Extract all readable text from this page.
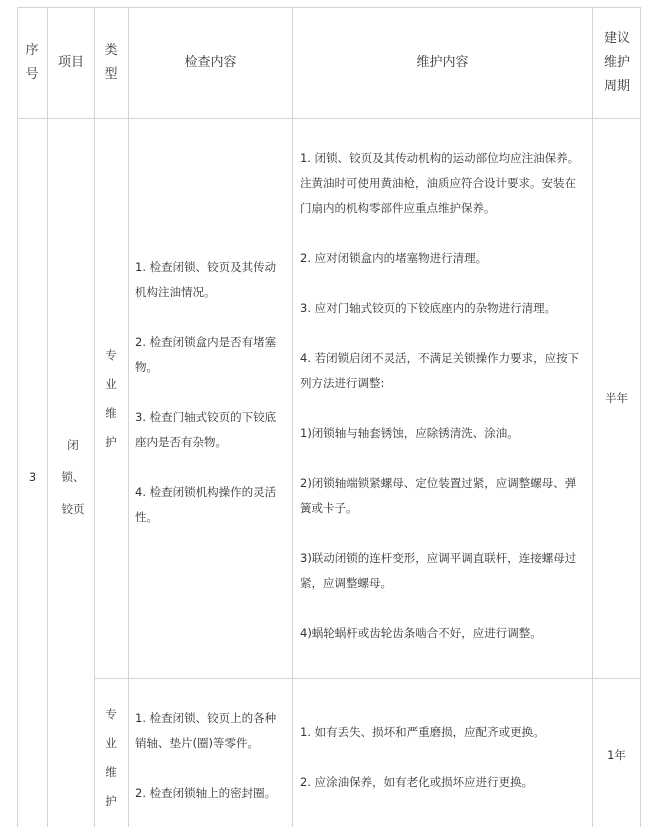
序号
项目
类型
检查内容	维护内容
建议维护周期
3
闭锁、铰页
专业维护

1. 检查闭锁、铰页及其传动机构注油情况。

2. 检查闭锁盒内是否有堵塞物。

3. 检查门轴式铰页的下铰底座内是否有杂物。

4. 检查闭锁机构操作的灵活性。

1. 闭锁、铰页及其传动机构的运动部位均应注油保养。注黄油时可使用黄油枪，油质应符合设计要求。安装在门扇内的机构零部件应重点维护保养。

2. 应对闭锁盒内的堵塞物进行清理。

3. 应对门轴式铰页的下铰底座内的杂物进行清理。

4. 若闭锁启闭不灵活，不满足关锁操作力要求，应按下列方法进行调整:

1)闭锁轴与轴套锈蚀，应除锈清洗、涂油。

2)闭锁轴端锁紧螺母、定位装置过紧，应调整螺母、弹簧或卡子。

3)联动闭锁的连杆变形，应调平调直联杆，连接螺母过紧，应调整螺母。

4)蜗轮蜗杆或齿轮齿条啮合不好，应进行调整。

半年
专业维护

1. 检查闭锁、铰页上的各种销轴、垫片(圈)等零件。

2. 检查闭锁轴上的密封圈。

1. 如有丢失、损坏和严重磨损，应配齐或更换。

2. 应涂油保养，如有老化或损坏应进行更换。

1年
